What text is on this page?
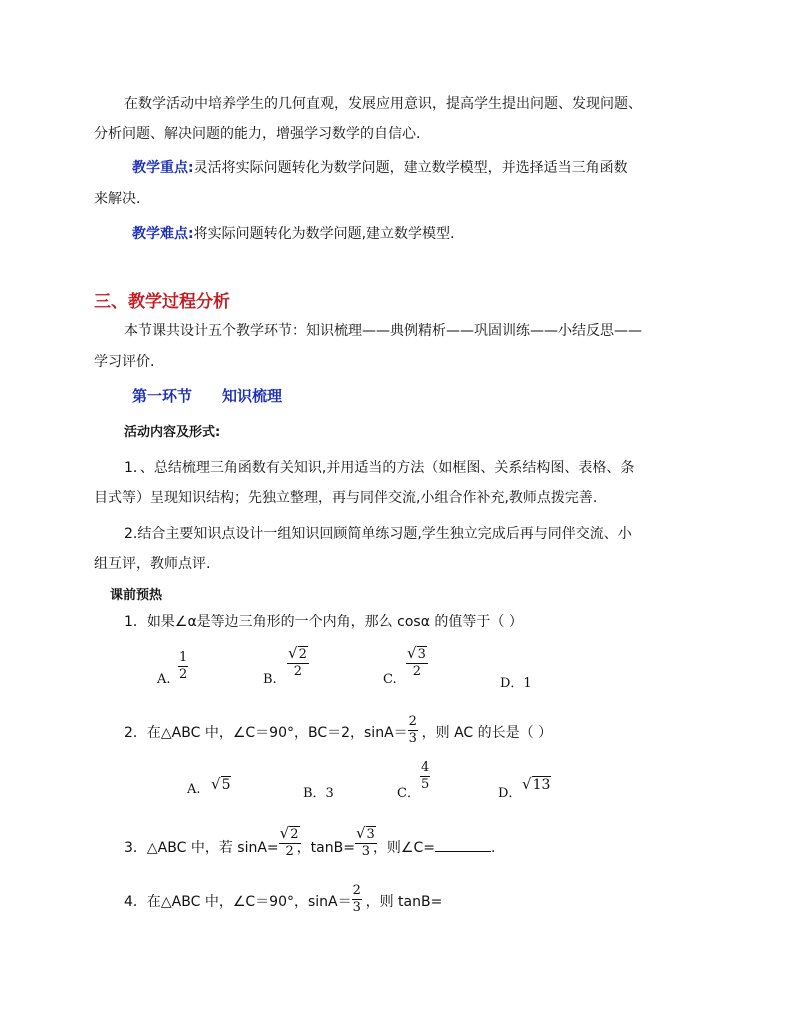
在数学活动中培养学生的几何直观，发展应用意识，提高学生提出问题、发现问题、
分析问题、解决问题的能力，增强学习数学的自信心.
教学重点:灵活将实际问题转化为数学问题，建立数学模型，并选择适当三角函数
来解决.
教学难点:将实际问题转化为数学问题,建立数学模型.
三、教学过程分析
本节课共设计五个教学环节：知识梳理——典例精析——巩固训练——小结反思——
学习评价.
第一环节 知识梳理
活动内容及形式:
1．、总结梳理三角函数有关知识,并用适当的方法（如框图、关系结构图、表格、条
目式等）呈现知识结构；先独立整理，再与同伴交流,小组合作补充,教师点拨完善.
2.结合主要知识点设计一组知识回顾简单练习题,学生独立完成后再与同伴交流、小
组互评，教师点评.
课前预热
1．如果∠α是等边三角形的一个内角，那么 cosα 的值等于（ ）
A.
1
2	B.
√2
2
C.
√3
2
D．1
2．在△ABC 中，∠C＝90°，BC＝2，sinA＝
2
3 ，则 AC 的长是（ ）
A. √5
B．3	C．
4
5
D．
√13
3．△ABC 中，若 sinA=
√2
2 ，tanB=
√3
3 ，则∠C=	.
4．在△ABC 中，∠C＝90°，sinA＝
2
3 ，则 tanB=
